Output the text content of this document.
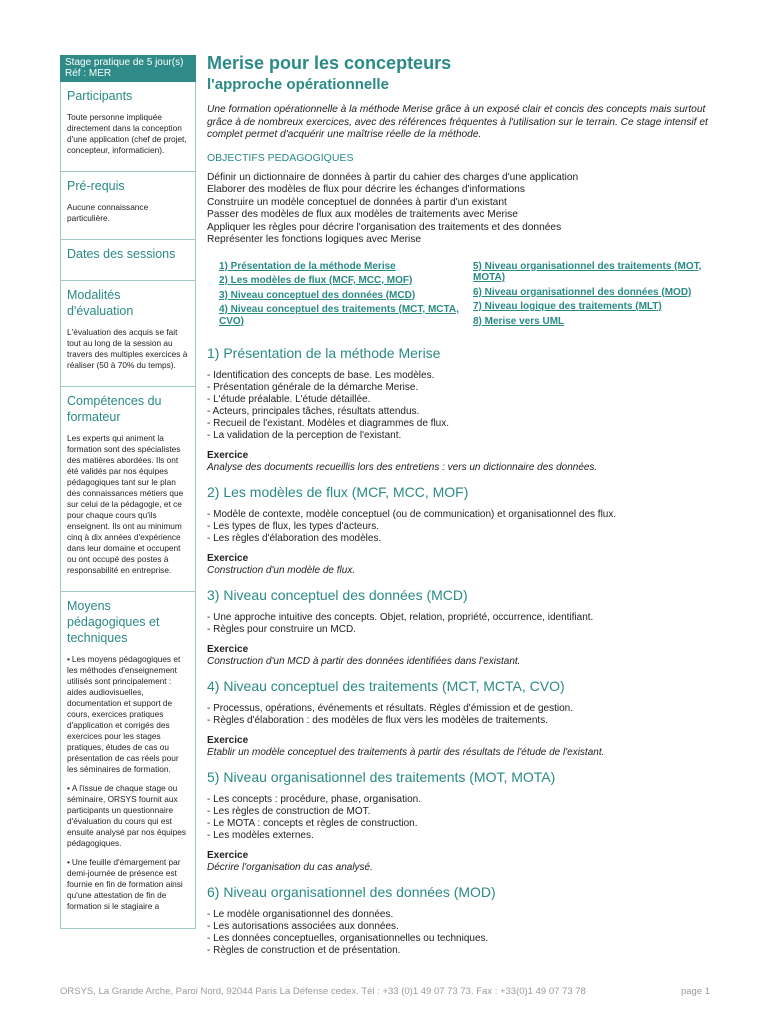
Stage pratique de 5 jour(s)
Réf : MER
Participants

Toute personne impliquée directement dans la conception d'une application (chef de projet, concepteur, informaticien).

Pré-requis

Aucune connaissance particulière.

Dates des sessions
Modalités d'évaluation

L'évaluation des acquis se fait tout au long de la session au travers des multiples exercices à réaliser (50 à 70% du temps).

Compétences du formateur

Les experts qui animent la formation sont des spécialistes des matières abordées. Ils ont été validés par nos équipes pédagogiques tant sur le plan des connaissances métiers que sur celui de la pédagogie, et ce pour chaque cours qu'ils enseignent. Ils ont au minimum cinq à dix années d'expérience dans leur domaine et occupent ou ont occupé des postes à responsabilité en entreprise.

Moyens pédagogiques et techniques
• Les moyens pédagogiques et les méthodes d'enseignement utilisés sont principalement : aides audiovisuelles, documentation et support de cours, exercices pratiques d'application et corrigés des exercices pour les stages pratiques, études de cas ou présentation de cas réels pour les séminaires de formation.
• A l'issue de chaque stage ou séminaire, ORSYS fournit aux participants un questionnaire d'évaluation du cours qui est ensuite analysé par nos équipes pédagogiques.
• Une feuille d'émargement par demi-journée de présence est fournie en fin de formation ainsi qu'une attestation de fin de formation si le stagiaire a
Merise pour les concepteurs
l'approche opérationnelle

Une formation opérationnelle à la méthode Merise grâce à un exposé clair et concis des concepts mais surtout grâce à de nombreux exercices, avec des références fréquentes à l'utilisation sur le terrain. Ce stage intensif et complet permet d'acquérir une maîtrise réelle de la méthode.

OBJECTIFS PEDAGOGIQUES
Définir un dictionnaire de données à partir du cahier des charges d'une application
Elaborer des modèles de flux pour décrire les échanges d'informations
Construire un modèle conceptuel de données à partir d'un existant
Passer des modèles de flux aux modèles de traitements avec Merise
Appliquer les règles pour décrire l'organisation des traitements et des données
Représenter les fonctions logiques avec Merise
1) Présentation de la méthode Merise
2) Les modèles de flux (MCF, MCC, MOF)
3) Niveau conceptuel des données (MCD)
4) Niveau conceptuel des traitements (MCT, MCTA, CVO)
5) Niveau organisationnel des traitements (MOT, MOTA)
6) Niveau organisationnel des données (MOD)
7) Niveau logique des traitements (MLT)
8) Merise vers UML
1) Présentation de la méthode Merise
- Identification des concepts de base. Les modèles.
- Présentation générale de la démarche Merise.
- L'étude préalable. L'étude détaillée.
- Acteurs, principales tâches, résultats attendus.
- Recueil de l'existant. Modèles et diagrammes de flux.
- La validation de la perception de l'existant.
Exercice
Analyse des documents recueillis lors des entretiens : vers un dictionnaire des données.
2) Les modèles de flux (MCF, MCC, MOF)
- Modèle de contexte, modèle conceptuel (ou de communication) et organisationnel des flux.
- Les types de flux, les types d'acteurs.
- Les règles d'élaboration des modèles.
Exercice
Construction d'un modèle de flux.
3) Niveau conceptuel des données (MCD)
- Une approche intuitive des concepts. Objet, relation, propriété, occurrence, identifiant.
- Règles pour construire un MCD.
Exercice
Construction d'un MCD à partir des données identifiées dans l'existant.
4) Niveau conceptuel des traitements (MCT, MCTA, CVO)
- Processus, opérations, événements et résultats. Règles d'émission et de gestion.
- Règles d'élaboration : des modèles de flux vers les modèles de traitements.
Exercice
Etablir un modèle conceptuel des traitements à partir des résultats de l'étude de l'existant.
5) Niveau organisationnel des traitements (MOT, MOTA)
- Les concepts : procédure, phase, organisation.
- Les règles de construction de MOT.
- Le MOTA : concepts et règles de construction.
- Les modèles externes.
Exercice
Décrire l'organisation du cas analysé.
6) Niveau organisationnel des données (MOD)
- Le modèle organisationnel des données.
- Les autorisations associées aux données.
- Les données conceptuelles, organisationnelles ou techniques.
- Règles de construction et de présentation.
ORSYS, La Grande Arche, Paroi Nord, 92044 Paris La Défense cedex. Tél : +33 (0)1 49 07 73 73. Fax : +33(0)1 49 07 73 78	page 1
